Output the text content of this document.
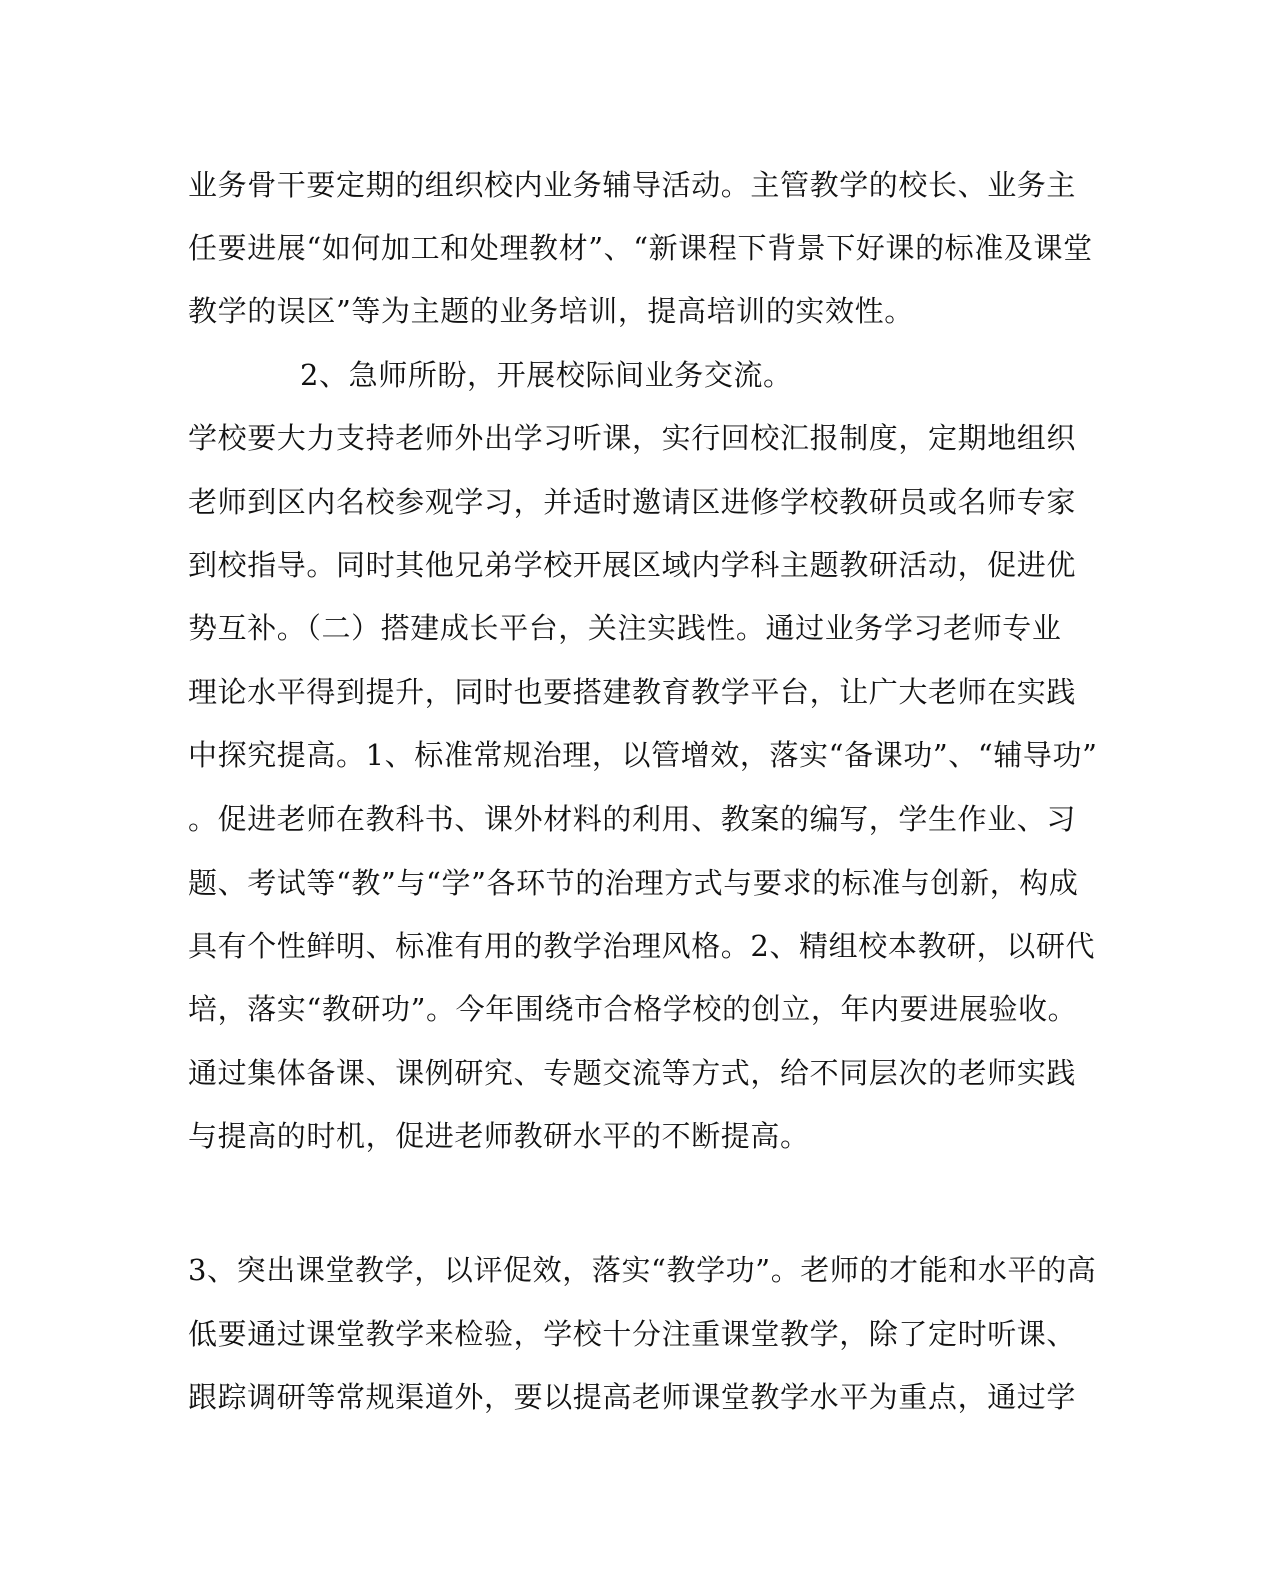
业务骨干要定期的组织校内业务辅导活动。主管教学的校长、业务主
任要进展“如何加工和处理教材”、“新课程下背景下好课的标准及课堂
教学的误区”等为主题的业务培训，提高培训的实效性。
2、急师所盼，开展校际间业务交流。
学校要大力支持老师外出学习听课，实行回校汇报制度，定期地组织
老师到区内名校参观学习，并适时邀请区进修学校教研员或名师专家
到校指导。同时其他兄弟学校开展区域内学科主题教研活动，促进优
势互补。（二）搭建成长平台，关注实践性。通过业务学习老师专业
理论水平得到提升，同时也要搭建教育教学平台，让广大老师在实践
中探究提高。1、标准常规治理，以管增效，落实“备课功”、“辅导功”
。促进老师在教科书、课外材料的利用、教案的编写，学生作业、习
题、考试等“教”与“学”各环节的治理方式与要求的标准与创新，构成
具有个性鲜明、标准有用的教学治理风格。2、精组校本教研，以研代
培，落实“教研功”。今年围绕市合格学校的创立，年内要进展验收。
通过集体备课、课例研究、专题交流等方式，给不同层次的老师实践
与提高的时机，促进老师教研水平的不断提高。
3、突出课堂教学，以评促效，落实“教学功”。老师的才能和水平的高
低要通过课堂教学来检验，学校十分注重课堂教学，除了定时听课、
跟踪调研等常规渠道外，要以提高老师课堂教学水平为重点，通过学
